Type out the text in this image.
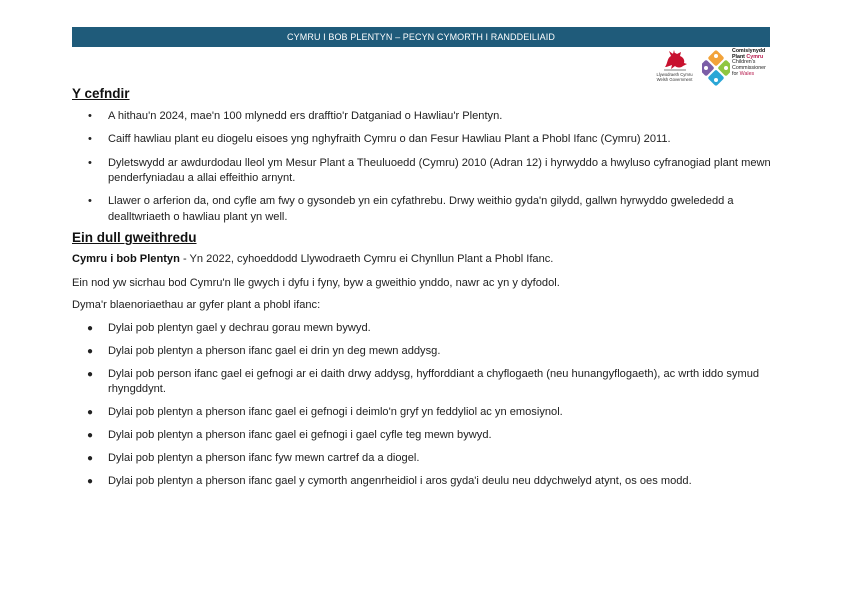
CYMRU I BOB PLENTYN – PECYN CYMORTH I RANDDEILIAID
Llywodraeth Cymru
Welsh Government
Comisiynydd
Plant Cymru
Children's
Commissioner
for Wales
Y cefndir
• A hithau'n 2024, mae'n 100 mlynedd ers drafftio'r Datganiad o Hawliau'r Plentyn.
• Caiff hawliau plant eu diogelu eisoes yng nghyfraith Cymru o dan Fesur Hawliau Plant a Phobl Ifanc (Cymru) 2011.
• Dyletswydd ar awdurdodau lleol ym Mesur Plant a Theuluoedd (Cymru) 2010 (Adran 12) i hyrwyddo a hwyluso cyfranogiad plant mewn penderfyniadau a allai effeithio arnynt.
• Llawer o arferion da, ond cyfle am fwy o gysondeb yn ein cyfathrebu. Drwy weithio gyda'n gilydd, gallwn hyrwyddo gwelededd a dealltwriaeth o hawliau plant yn well.
Ein dull gweithredu

Cymru i bob Plentyn - Yn 2022, cyhoeddodd Llywodraeth Cymru ei Chynllun Plant a Phobl Ifanc.

Ein nod yw sicrhau bod Cymru'n lle gwych i dyfu i fyny, byw a gweithio ynddo, nawr ac yn y dyfodol.

Dyma'r blaenoriaethau ar gyfer plant a phobl ifanc:

● Dylai pob plentyn gael y dechrau gorau mewn bywyd.
● Dylai pob plentyn a pherson ifanc gael ei drin yn deg mewn addysg.
● Dylai pob person ifanc gael ei gefnogi ar ei daith drwy addysg, hyfforddiant a chyflogaeth (neu hunangyflogaeth), ac wrth iddo symud rhyngddynt.
● Dylai pob plentyn a pherson ifanc gael ei gefnogi i deimlo'n gryf yn feddyliol ac yn emosiynol.
● Dylai pob plentyn a pherson ifanc gael ei gefnogi i gael cyfle teg mewn bywyd.
● Dylai pob plentyn a pherson ifanc fyw mewn cartref da a diogel.
● Dylai pob plentyn a pherson ifanc gael y cymorth angenrheidiol i aros gyda'i deulu neu ddychwelyd atynt, os oes modd.
